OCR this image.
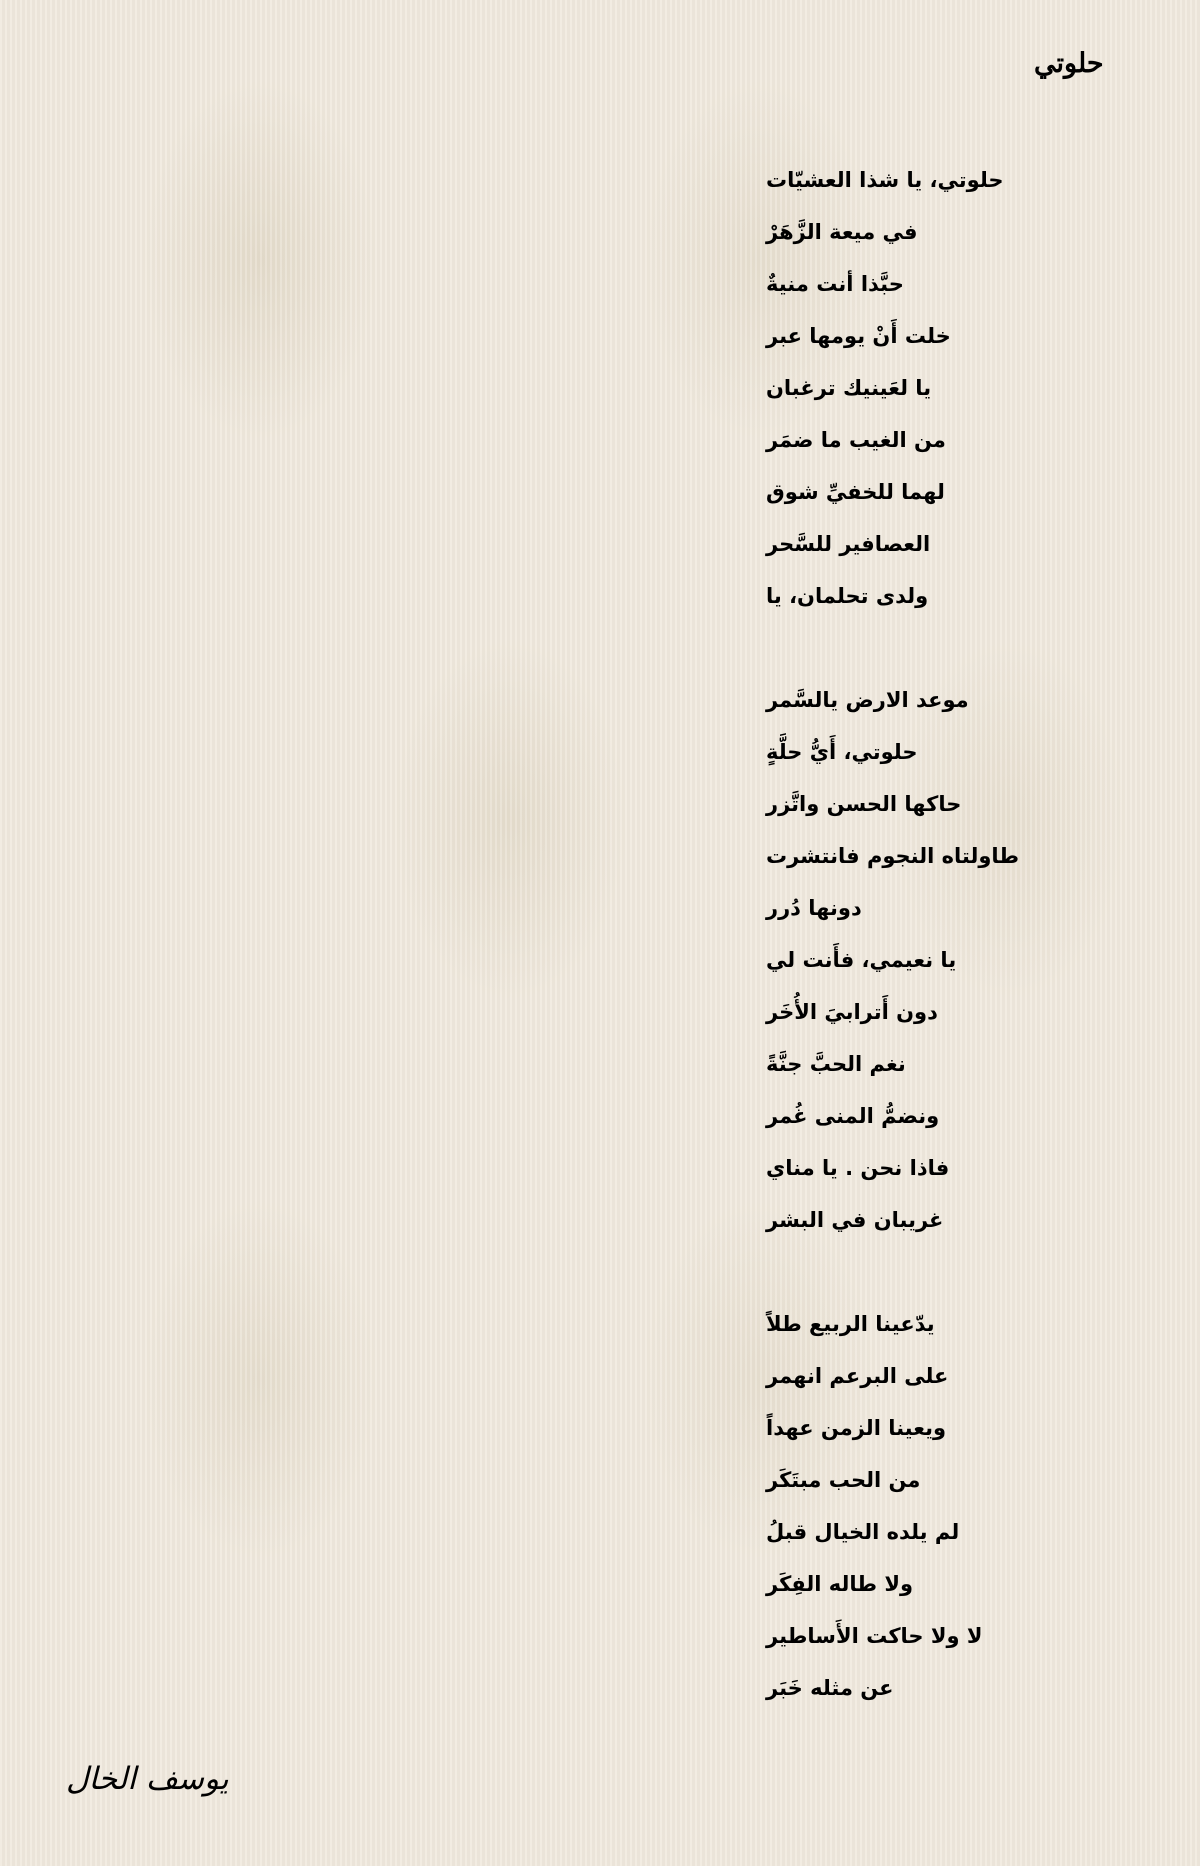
حلوتي
حلوتي، يا شذا العشيّات
في ميعة الزَّهَرْ
حبَّذا أنت منيةٌ
خلت أَنْ يومها عبر
يا لعَينيك ترغبان
من الغيب ما ضمَر
لهما للخفيِّ شوق
العصافير للسَّحر
ولدى تحلمان، يا
موعد الارض يالسَّمر
حلوتي، أَيُّ حلَّةٍ
حاكها الحسن واتَّزر
طاولتاه النجوم فانتشرت
دونها دُرر
يا نعيمي، فأَنت لي
دون أَترابيَ الأُخَر
نغم الحبَّ جنَّةً
ونضمُّ المنى غُمر
فاذا نحن . يا مناي
غريبان في البشر
يدّعينا الربيع طلاً
على البرعم انهمر
ويعينا الزمن عهداً
من الحب مبتَكَر
لم يلده الخيال قبلُ
ولا طاله الفِكَر
لا ولا حاكت الأَساطير
عن مثله خَبَر
يوسف الخال
